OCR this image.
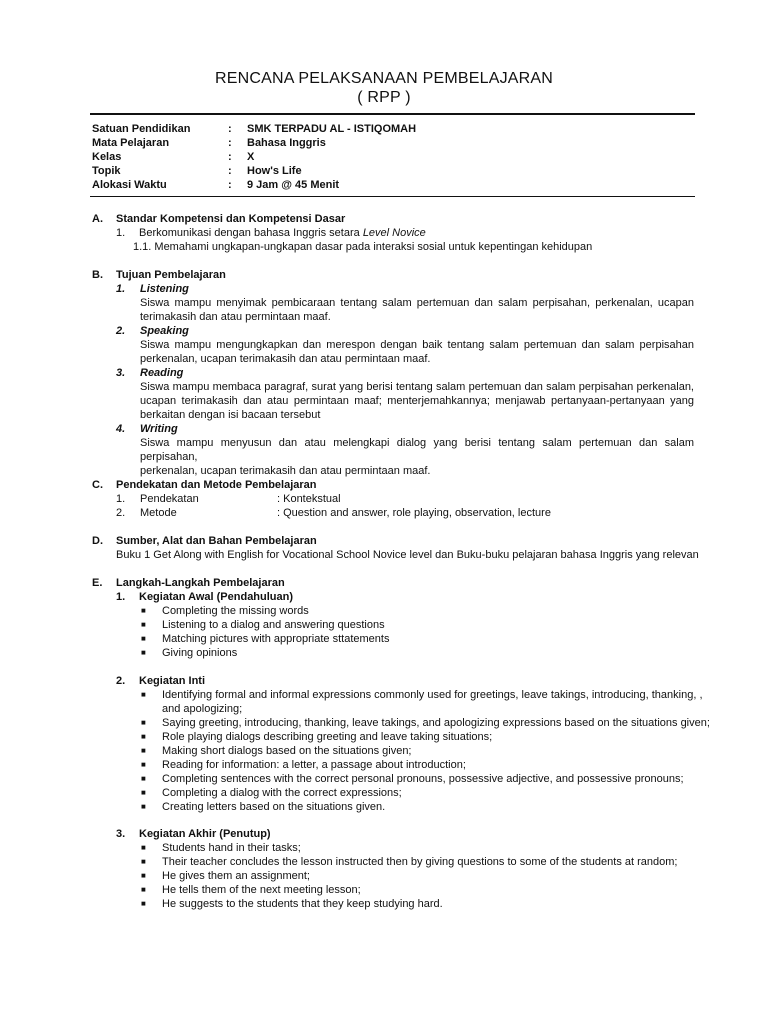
RENCANA PELAKSANAAN PEMBELAJARAN
( RPP )
Satuan Pendidikan	: SMK TERPADU AL - ISTIQOMAH
Mata Pelajaran	: Bahasa Inggris
Kelas	: X
Topik	: How's Life
Alokasi Waktu	: 9 Jam @ 45 Menit
A. Standar Kompetensi dan Kompetensi Dasar
1. Berkomunikasi dengan bahasa Inggris setara Level Novice
1.1. Memahami ungkapan-ungkapan dasar pada interaksi sosial untuk kepentingan kehidupan
B. Tujuan Pembelajaran
1. Listening
Siswa mampu menyimak pembicaraan tentang salam pertemuan dan salam perpisahan, perkenalan, ucapan
terimakasih dan atau permintaan maaf.
2. Speaking
Siswa mampu mengungkapkan dan merespon dengan baik tentang salam pertemuan dan salam perpisahan
perkenalan, ucapan terimakasih dan atau permintaan maaf.
3. Reading
Siswa mampu membaca paragraf, surat yang berisi tentang salam pertemuan dan salam perpisahan perkenalan,
ucapan terimakasih dan atau permintaan maaf; menterjemahkannya; menjawab pertanyaan-pertanyaan yang
berkaitan dengan isi bacaan tersebut
4. Writing
Siswa mampu menyusun dan atau melengkapi dialog yang berisi tentang salam pertemuan dan salam perpisahan,
perkenalan, ucapan terimakasih dan atau permintaan maaf.
C. Pendekatan dan Metode Pembelajaran
1. Pendekatan	: Kontekstual
2. Metode	: Question and answer, role playing, observation, lecture
D. Sumber, Alat dan Bahan Pembelajaran
Buku 1 Get Along with English for Vocational School Novice level dan Buku-buku pelajaran bahasa Inggris yang relevan
E. Langkah-Langkah Pembelajaran
1. Kegiatan Awal (Pendahuluan)
■ Completing the missing words
■ Listening to a dialog and answering questions
■ Matching pictures with appropriate sttatements
■ Giving opinions
2. Kegiatan Inti
■ Identifying formal and informal expressions commonly used for greetings, leave takings, introducing, thanking, ,
and apologizing;
■ Saying greeting, introducing, thanking, leave takings, and apologizing expressions based on the situations given;
■ Role playing dialogs describing greeting and leave taking situations;
■ Making short dialogs based on the situations given;
■ Reading for information: a letter, a passage about introduction;
■ Completing sentences with the correct personal pronouns, possessive adjective, and possessive pronouns;
■ Completing a dialog with the correct expressions;
■ Creating letters based on the situations given.
3. Kegiatan Akhir (Penutup)
■ Students hand in their tasks;
■ Their teacher concludes the lesson instructed then by giving questions to some of the students at random;
■ He gives them an assignment;
■ He tells them of the next meeting lesson;
■ He suggests to the students that they keep studying hard.
